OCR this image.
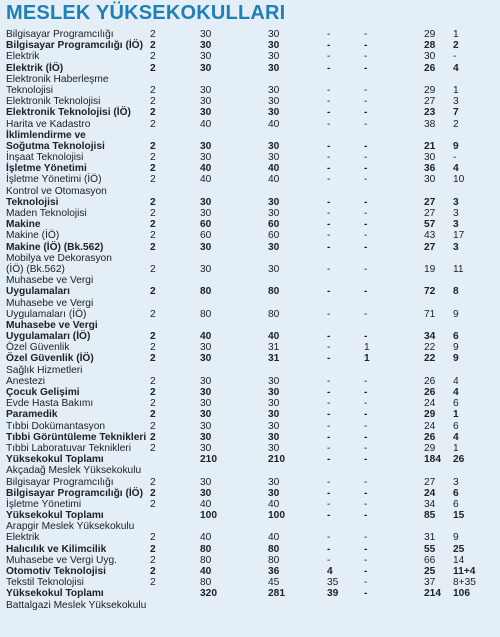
MESLEK YÜKSEKOKULLARI
Bilgisayar Programcılığı	2	30	30	-	-	29 1
Bilgisayar Programcılığı (İÖ) 2	30	30	-	-	28 2
Elektrik	2	30	30	-	-	30 -
Elektrik (İÖ)	2	30	30	-	-	26 4
Elektronik Haberleşme
Teknolojisi	2	30	30	-	-	29 1
Elektronik Teknolojisi	2	30	30	-	-	27 3
Elektronik Teknolojisi (İÖ) 2	30	30	-	-	23 7
Harita ve Kadastro	2	40	40	-	-	38 2
İklimlendirme ve
Soğutma Teknolojisi	2	30	30	-	-	21 9
İnşaat Teknolojisi	2	30	30	-	-	30 -
İşletme Yönetimi	2	40	40	-	-	36 4
İşletme Yönetimi (İÖ)	2	40	40	-	-	30 10
Kontrol ve Otomasyon
Teknolojisi	2	30	30	-	-	27 3
Maden Teknolojisi	2	30	30	-	-	27 3
Makine	2	60	60	-	-	57 3
Makine (İÖ)	2	60	60	-	-	43 17
Makine (İÖ) (Bk.562)	2	30	30	-	-	27 3
Mobilya ve Dekorasyon
(İÖ) (Bk.562)	2	30	30	-	-	19 11
Muhasebe ve Vergi
Uygulamaları	2	80	80	-	-	72 8
Muhasebe ve Vergi
Uygulamaları (İÖ)	2	80	80	-	-	71 9
Muhasebe ve Vergi
Uygulamaları (İÖ)	2	40	40	-	-	34 6
Özel Güvenlik	2	30	31	-	1	22 9
Özel Güvenlik (İÖ)	2	30	31	-	1	22 9
Sağlık Hizmetleri
Anestezi	2	30	30	-	-	26 4
Çocuk Gelişimi	2	30	30	-	-	26 4
Evde Hasta Bakımı	2	30	30	-	-	24 6
Paramedik	2	30	30	-	-	29 1
Tıbbi Dokümantasyon	2	30	30	-	-	24 6
Tıbbi Görüntüleme Teknikleri 2	30	30	-	-	26 4
Tıbbi Laboratuvar Teknikleri 2	30	30	-	-	29 1
Yüksekokul Toplamı	210	210	-	-	184 26
Akçadağ Meslek Yüksekokulu
Bilgisayar Programcılığı	2	30	30	-	-	27 3
Bilgisayar Programcılığı (İÖ) 2	30	30	-	-	24 6
İşletme Yönetimi	2	40	40	-	-	34 6
Yüksekokul Toplamı	100	100	-	-	85 15
Arapgir Meslek Yüksekokulu
Elektrik	2	40	40	-	-	31 9
Halıcılık ve Kilimcilik	2	80	80	-	-	55 25
Muhasebe ve Vergi Uyg.	2	80	80	-	-	66 14
Otomotiv Teknolojisi	2	40	36	4	-	25 11+4
Tekstil Teknolojisi	2	80	45	35	-	37 8+35
Yüksekokul Toplamı	320	281	39	-	214 106
Battalgazi Meslek Yüksekokulu
